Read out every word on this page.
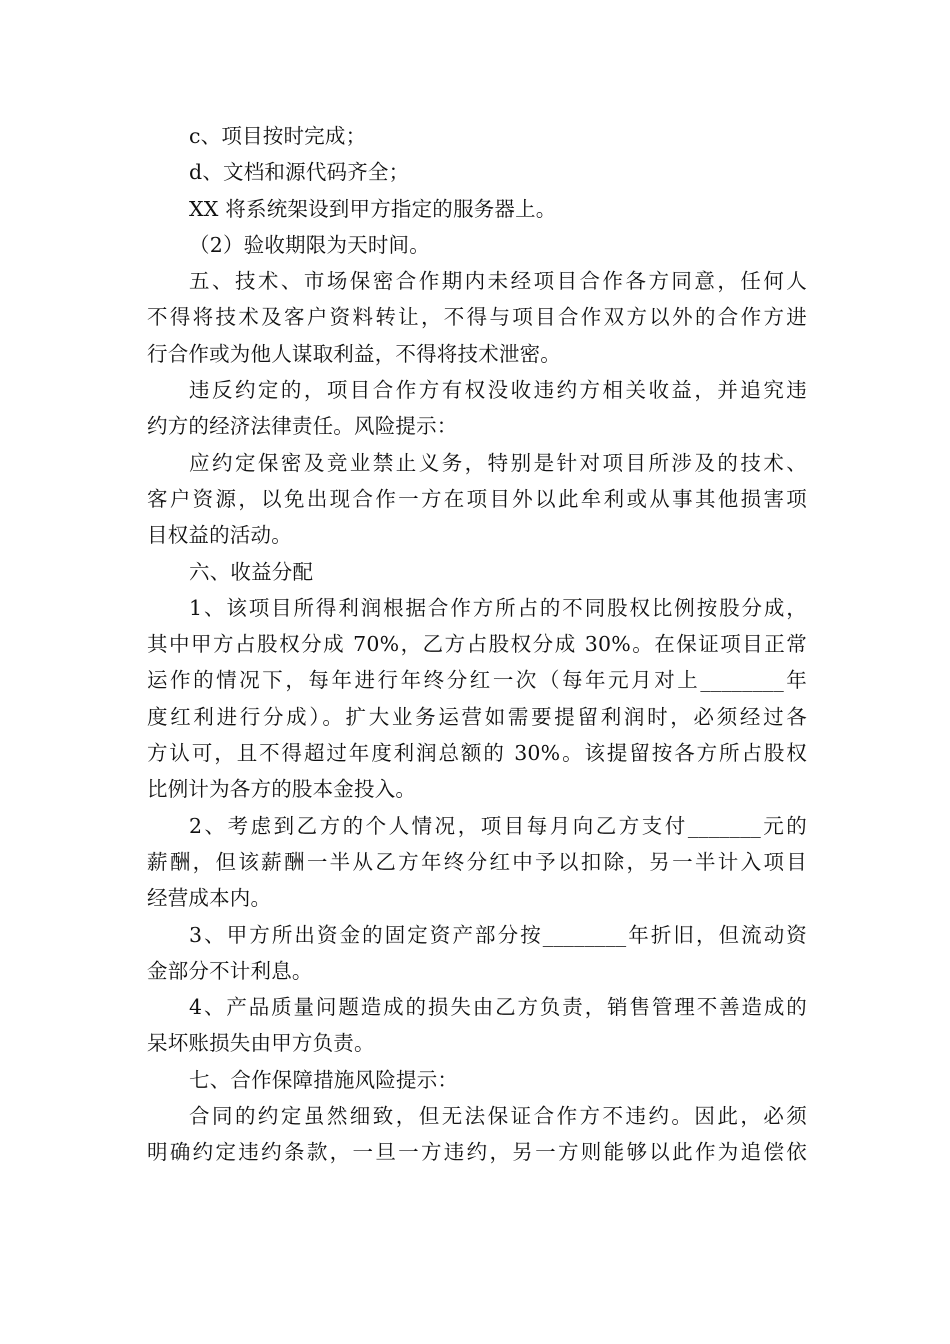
c、项目按时完成；
d、文档和源代码齐全；
XX 将系统架设到甲方指定的服务器上。
（2）验收期限为天时间。
五、技术、市场保密合作期内未经项目合作各方同意，任何人
不得将技术及客户资料转让，不得与项目合作双方以外的合作方进
行合作或为他人谋取利益，不得将技术泄密。
违反约定的，项目合作方有权没收违约方相关收益，并追究违
约方的经济法律责任。风险提示：
应约定保密及竞业禁止义务，特别是针对项目所涉及的技术、
客户资源，以免出现合作一方在项目外以此牟利或从事其他损害项
目权益的活动。
六、收益分配
1、该项目所得利润根据合作方所占的不同股权比例按股分成，
其中甲方占股权分成 70%，乙方占股权分成 30%。在保证项目正常
运作的情况下，每年进行年终分红一次（每年元月对上________年
度红利进行分成）。扩大业务运营如需要提留利润时，必须经过各
方认可，且不得超过年度利润总额的 30%。该提留按各方所占股权
比例计为各方的股本金投入。
2、考虑到乙方的个人情况，项目每月向乙方支付_______元的
薪酬，但该薪酬一半从乙方年终分红中予以扣除，另一半计入项目
经营成本内。
3、甲方所出资金的固定资产部分按________年折旧，但流动资
金部分不计利息。
4、产品质量问题造成的损失由乙方负责，销售管理不善造成的
呆坏账损失由甲方负责。
七、合作保障措施风险提示：
合同的约定虽然细致，但无法保证合作方不违约。因此，必须
明确约定违约条款，一旦一方违约，另一方则能够以此作为追偿依
